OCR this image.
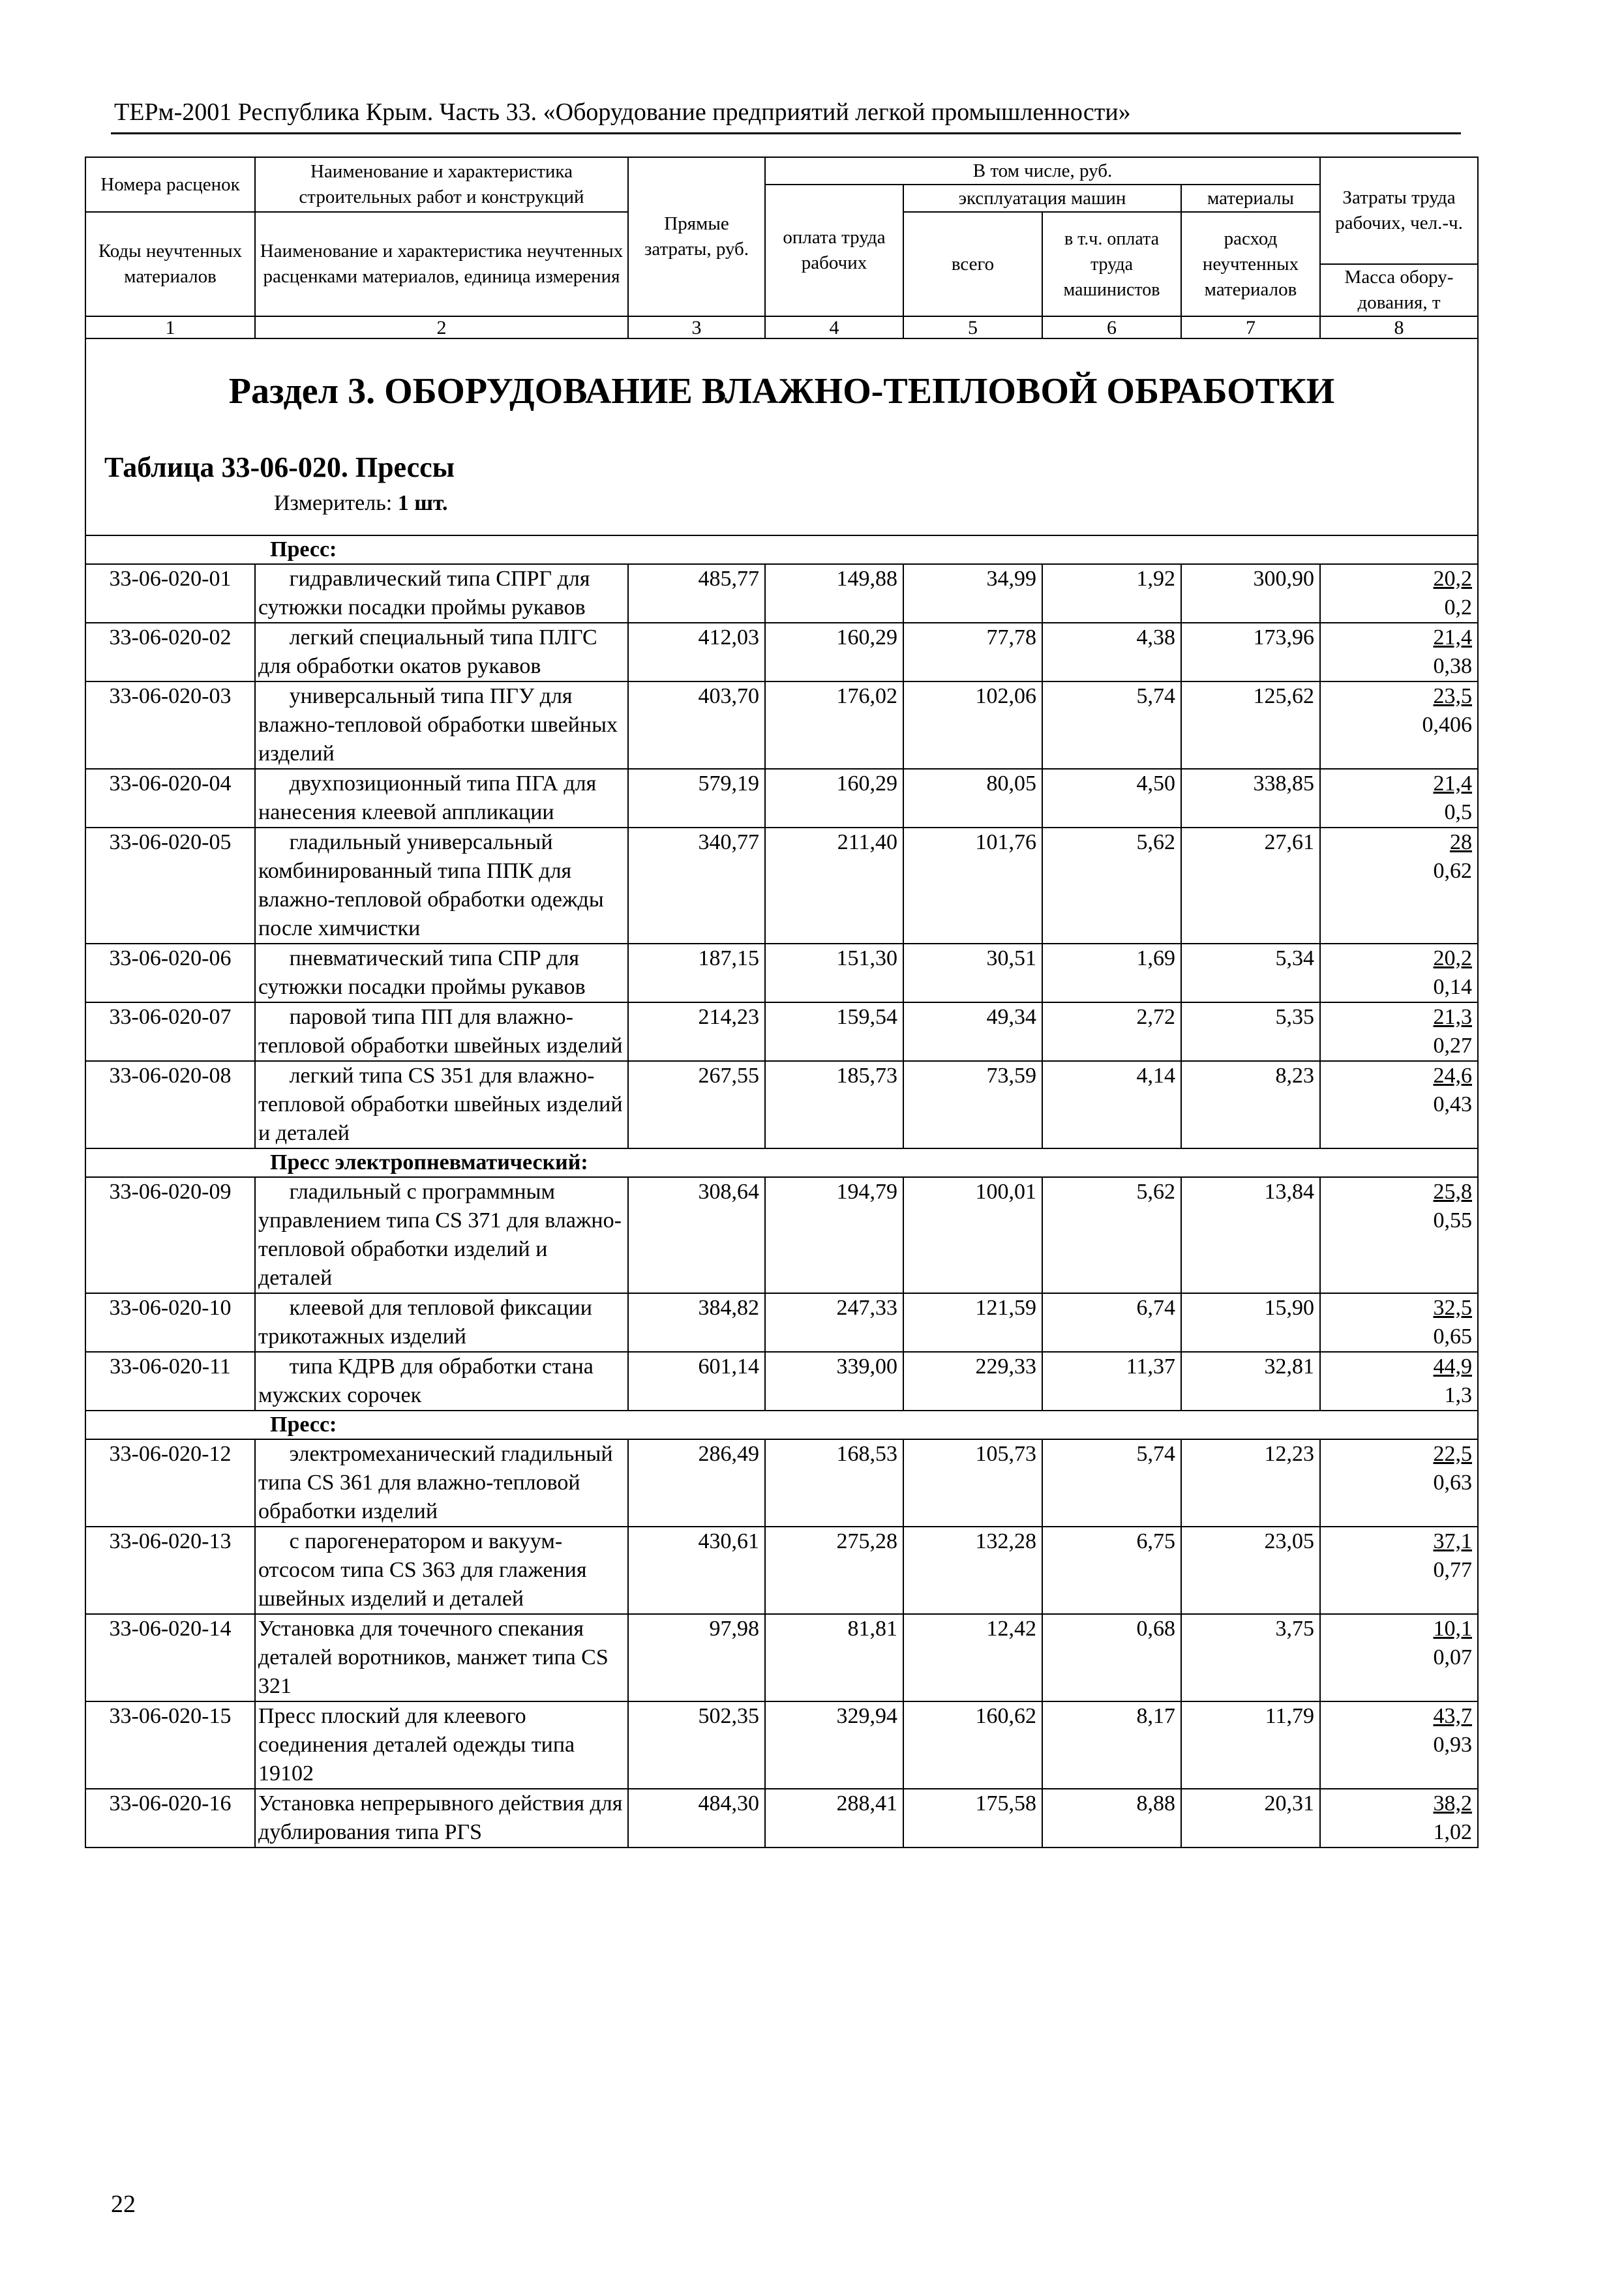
ТЕРм-2001 Республика Крым. Часть 33. «Оборудование предприятий легкой промышленности»
Номера расценок	Наименование и характеристика строительных работ и конструкций	Прямые затраты, руб.	В том числе, руб.				Затраты труда рабочих, чел.-ч.
			оплата труда рабочих	эксплуатация машин		материалы	
Коды неучтенных материалов	Наименование и характеристика неучтенных расценками материалов, единица измерения			всего	в т.ч. оплата труда машинистов	расход неучтенных материалов	
							Масса обору- дования, т
1	2	3	4	5	6	7	8

Раздел 3. ОБОРУДОВАНИЕ ВЛАЖНО-ТЕПЛОВОЙ ОБРАБОТКИ
Таблица 33-06-020. Прессы
Измеритель: 1 шт.							

Пресс:							
33-06-020-01	гидравлический типа СПРГ для сутюжки посадки проймы рукавов	485,77	149,88	34,99	1,92	300,90	20,2
0,2

33-06-020-02	легкий специальный типа ПЛГС для обработки окатов рукавов	412,03	160,29	77,78	4,38	173,96	21,4
0,38

33-06-020-03	универсальный типа ПГУ для влажно-тепловой обработки швейных изделий	403,70	176,02	102,06	5,74	125,62	23,5
0,406

33-06-020-04	двухпозиционный типа ПГА для нанесения клеевой аппликации	579,19	160,29	80,05	4,50	338,85	21,4
0,5

33-06-020-05	гладильный универсальный комбинированный типа ППК для влажно-тепловой обработки одежды после химчистки	340,77	211,40	101,76	5,62	27,61	28
0,62

33-06-020-06	пневматический типа СПР для сутюжки посадки проймы рукавов	187,15	151,30	30,51	1,69	5,34	20,2
0,14

33-06-020-07	паровой типа ПП для влажно-тепловой обработки швейных изделий	214,23	159,54	49,34	2,72	5,35	21,3
0,27

33-06-020-08	легкий типа CS 351 для влажно-тепловой обработки швейных изделий и деталей	267,55	185,73	73,59	4,14	8,23	24,6
0,43

Пресс электропневматический:							
33-06-020-09	гладильный с программным управлением типа CS 371 для влажно-тепловой обработки изделий и деталей	308,64	194,79	100,01	5,62	13,84	25,8
0,55

33-06-020-10	клеевой для тепловой фиксации трикотажных изделий	384,82	247,33	121,59	6,74	15,90	32,5
0,65

33-06-020-11	типа КДРВ для обработки стана мужских сорочек	601,14	339,00	229,33	11,37	32,81	44,9
1,3

Пресс:							
33-06-020-12	электромеханический гладильный типа CS 361 для влажно-тепловой обработки изделий	286,49	168,53	105,73	5,74	12,23	22,5
0,63

33-06-020-13	с парогенератором и вакуум-отсосом типа CS 363 для глажения швейных изделий и деталей	430,61	275,28	132,28	6,75	23,05	37,1
0,77

33-06-020-14	Установка для точечного спекания деталей воротников, манжет типа CS 321	97,98	81,81	12,42	0,68	3,75	10,1
0,07

33-06-020-15	Пресс плоский для клеевого соединения деталей одежды типа 19102	502,35	329,94	160,62	8,17	11,79	43,7
0,93

33-06-020-16	Установка непрерывного действия для дублирования типа PГS	484,30	288,41	175,58	8,88	20,31	38,2
1,02
22
